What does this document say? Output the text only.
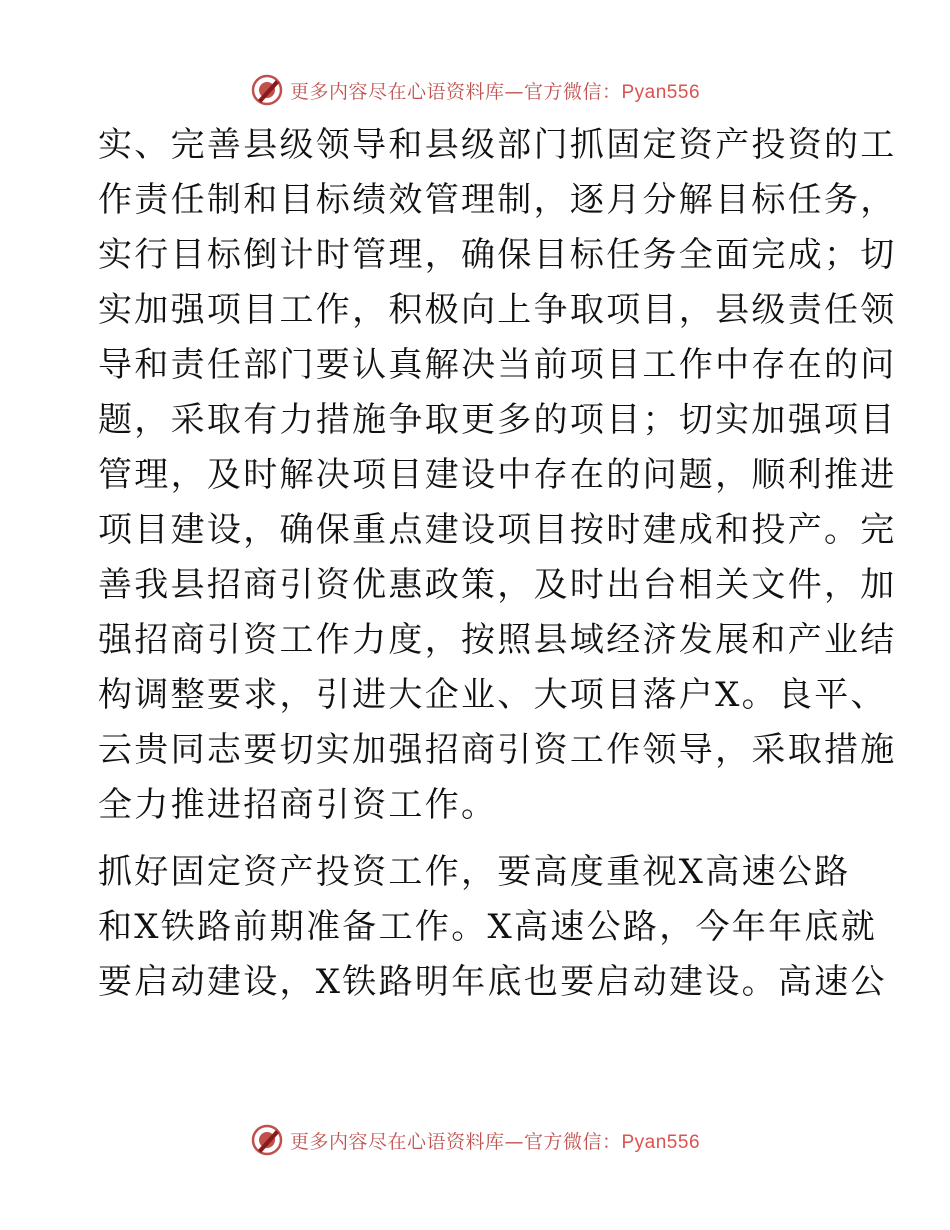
更多内容尽在心语资料库—官方微信：Pyan556
实、完善县级领导和县级部门抓固定资产投资的工
作责任制和目标绩效管理制，逐月分解目标任务，
实行目标倒计时管理，确保目标任务全面完成；切
实加强项目工作，积极向上争取项目，县级责任领
导和责任部门要认真解决当前项目工作中存在的问
题，采取有力措施争取更多的项目；切实加强项目
管理，及时解决项目建设中存在的问题，顺利推进
项目建设，确保重点建设项目按时建成和投产。完
善我县招商引资优惠政策，及时出台相关文件，加
强招商引资工作力度，按照县域经济发展和产业结
构调整要求，引进大企业、大项目落户X。良平、
云贵同志要切实加强招商引资工作领导，采取措施
全力推进招商引资工作。
抓好固定资产投资工作，要高度重视X高速公路
和X铁路前期准备工作。X高速公路，今年年底就
要启动建设，X铁路明年底也要启动建设。高速公
更多内容尽在心语资料库—官方微信：Pyan556
